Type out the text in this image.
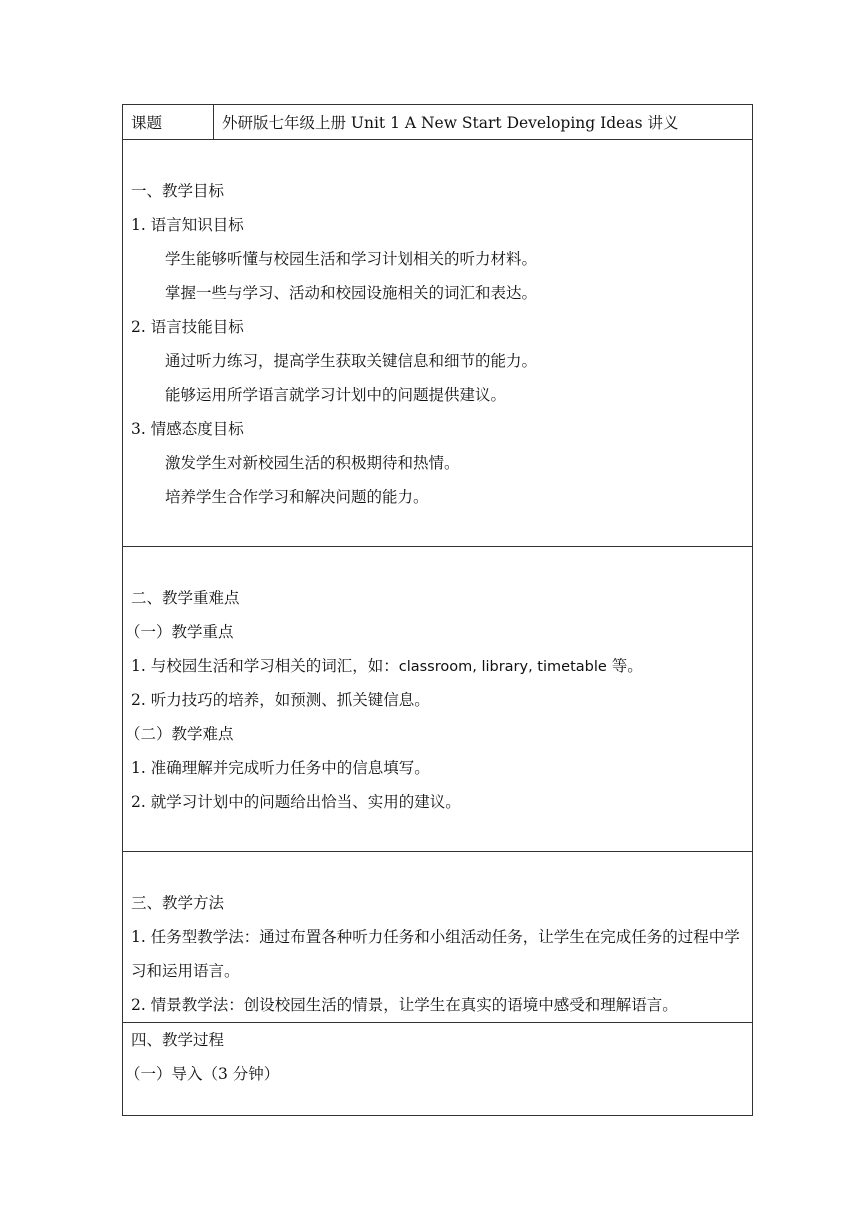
课题	外研版七年级上册 Unit 1 A New Start Developing Ideas 讲义

一、教学目标
1. 语言知识目标
学生能够听懂与校园生活和学习计划相关的听力材料。
掌握一些与学习、活动和校园设施相关的词汇和表达。
2. 语言技能目标
通过听力练习，提高学生获取关键信息和细节的能力。
能够运用所学语言就学习计划中的问题提供建议。
3. 情感态度目标
激发学生对新校园生活的积极期待和热情。
培养学生合作学习和解决问题的能力。

二、教学重难点
（一）教学重点
1. 与校园生活和学习相关的词汇，如：classroom, library, timetable 等。
2. 听力技巧的培养，如预测、抓关键信息。
（二）教学难点
1. 准确理解并完成听力任务中的信息填写。
2. 就学习计划中的问题给出恰当、实用的建议。

三、教学方法
1. 任务型教学法：通过布置各种听力任务和小组活动任务，让学生在完成任务的过程中学习和运用语言。
2. 情景教学法：创设校园生活的情景，让学生在真实的语境中感受和理解语言。

四、教学过程
（一）导入（3 分钟）
